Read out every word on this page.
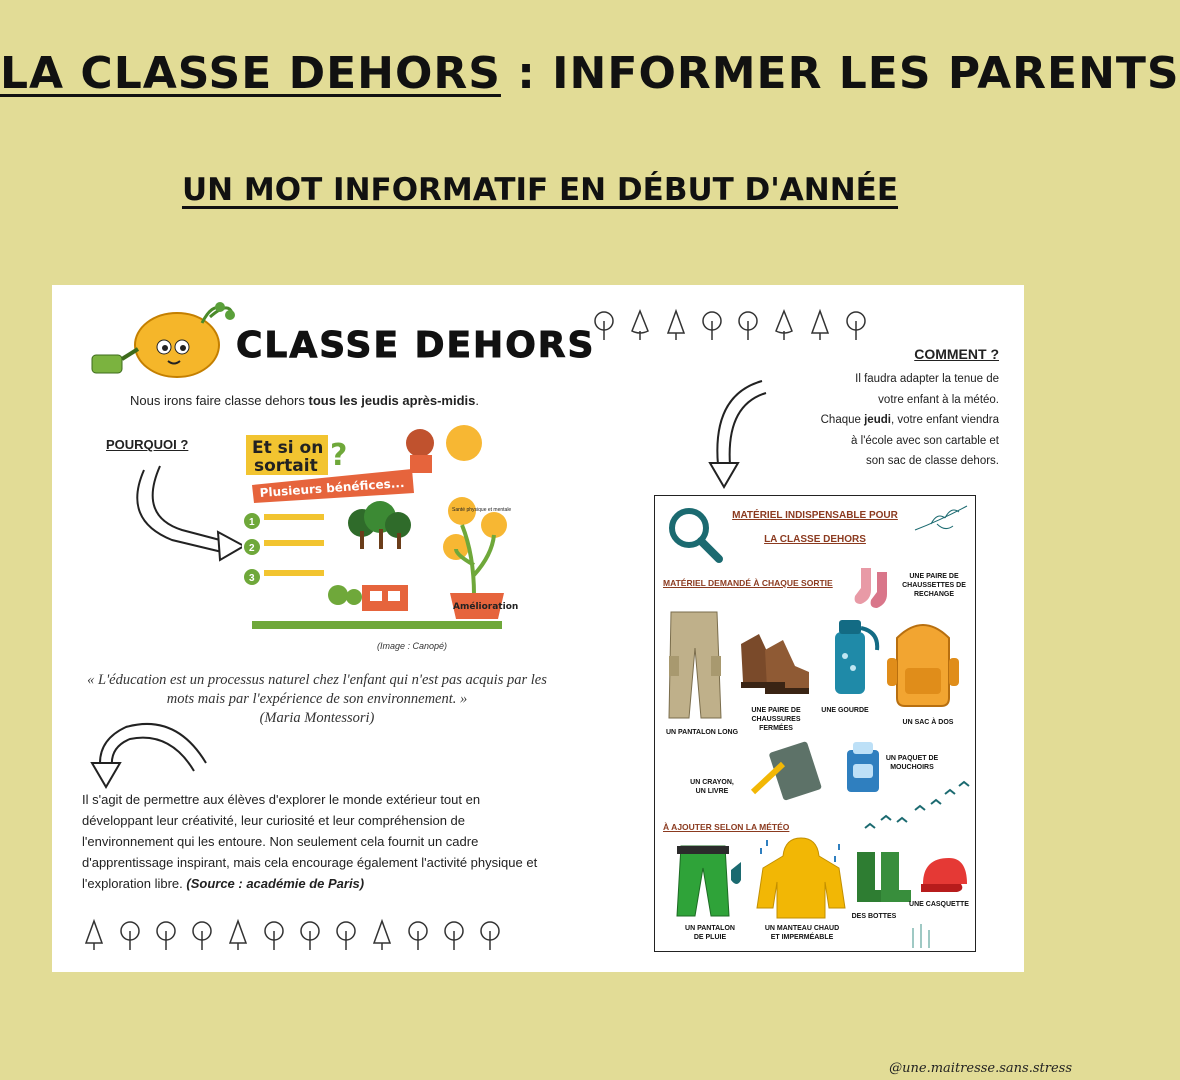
LA CLASSE DEHORS : INFORMER LES PARENTS
UN MOT INFORMATIF EN DÉBUT D'ANNÉE
CLASSE DEHORS
Nous irons faire classe dehors tous les jeudis après-midis.
POURQUOI ?	Et si on
sortait ?
Plusieurs bénéfices...
1
2
3
Santé physique et mentale
Amélioration
(Image : Canopé)
« L'éducation est un processus naturel chez l'enfant qui n'est pas acquis par les mots mais par l'expérience de son environnement. »
(Maria Montessori)
Il s'agit de permettre aux élèves d'explorer le monde extérieur tout en développant leur créativité, leur curiosité et leur compréhension de l'environnement qui les entoure. Non seulement cela fournit un cadre d'apprentissage inspirant, mais cela encourage également l'activité physique et l'exploration libre. (Source : académie de Paris)
COMMENT ?
Il faudra adapter la tenue de
votre enfant à la météo.
Chaque jeudi, votre enfant viendra
à l'école avec son cartable et
son sac de classe dehors.
MATÉRIEL INDISPENSABLE POUR
LA CLASSE DEHORS
MATÉRIEL DEMANDÉ À CHAQUE SORTIE
UNE PAIRE DE
CHAUSSETTES DE
RECHANGE
UN PANTALON LONG
UNE PAIRE DE
CHAUSSURES
FERMÉES
UNE GOURDE
UN SAC À DOS
UN CRAYON,
UN LIVRE
UN PAQUET DE
MOUCHOIRS
À AJOUTER SELON LA MÉTÉO
UN PANTALON
DE PLUIE
UN MANTEAU CHAUD
ET IMPERMÉABLE
DES BOTTES
UNE CASQUETTE
@une.maitresse.sans.stress
